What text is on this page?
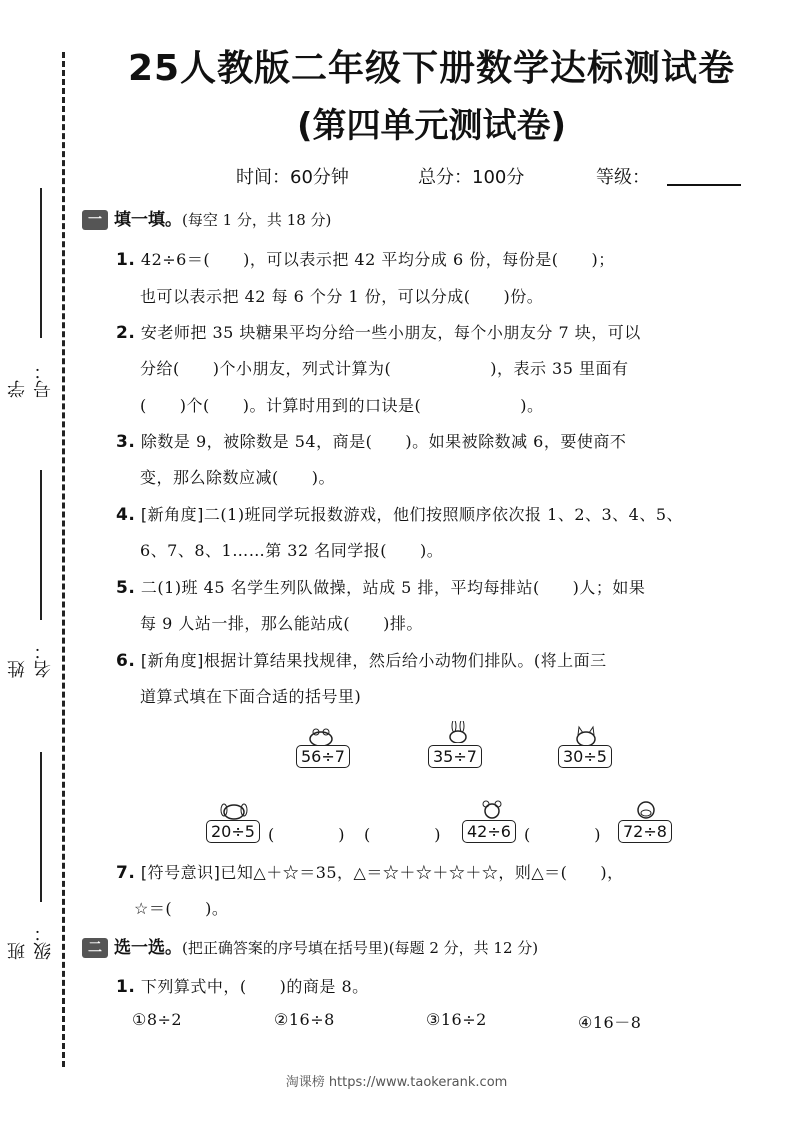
学号：
姓名：
班级：
25人教版二年级下册数学达标测试卷
(第四单元测试卷)
时间：60分钟	总分：100分	等级：
一 填一填。(每空 1 分，共 18 分)
1. 42÷6＝(　　)，可以表示把 42 平均分成 6 份，每份是(　　)；
也可以表示把 42 每 6 个分 1 份，可以分成(　　)份。
2. 安老师把 35 块糖果平均分给一些小朋友，每个小朋友分 7 块，可以
分给(　　)个小朋友，列式计算为(　　　　　　)，表示 35 里面有
(　　)个(　　)。计算时用到的口诀是(　　　　　　)。
3. 除数是 9，被除数是 54，商是(　　)。如果被除数减 6，要使商不
变，那么除数应减(　　)。
4. [新角度]二(1)班同学玩报数游戏，他们按照顺序依次报 1、2、3、4、5、
6、7、8、1……第 32 名同学报(　　)。
5. 二(1)班 45 名学生列队做操，站成 5 排，平均每排站(　　)人；如果
每 9 人站一排，那么能站成(　　)排。
6. [新角度]根据计算结果找规律，然后给小动物们排队。(将上面三
道算式填在下面合适的括号里)
56÷7	35÷7	30÷5
20÷5 (　　　　) (　　　　)	42÷6 (　　　　)	72÷8
7. [符号意识]已知△＋☆＝35，△＝☆＋☆＋☆＋☆，则△＝(　　)，
☆＝(　　)。
二 选一选。(把正确答案的序号填在括号里)(每题 2 分，共 12 分)
1. 下列算式中，(　　)的商是 8。
①8÷2	②16÷8	③16÷2	④16－8
淘课榜 https://www.taokerank.com
